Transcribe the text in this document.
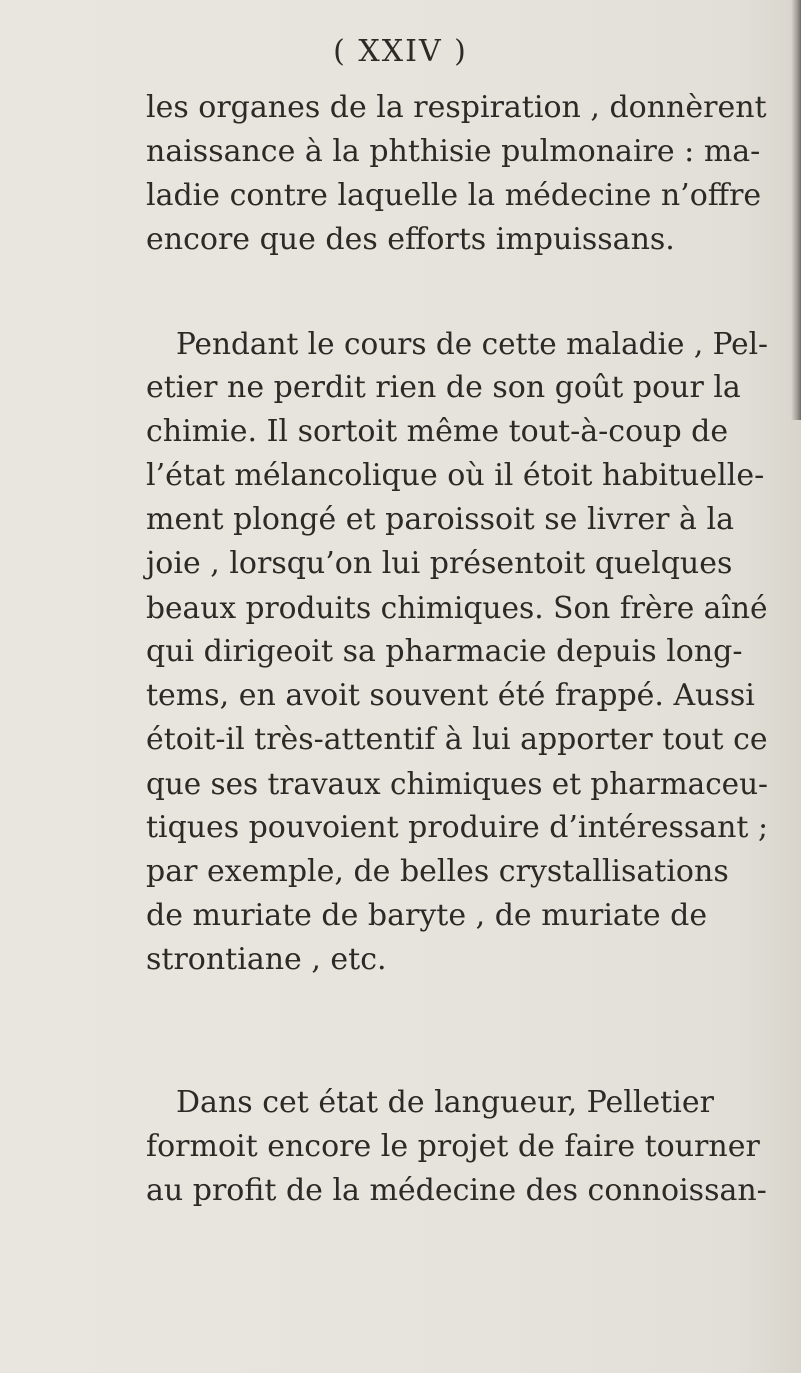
( XXIV )

les organes de la respiration , donnèrent
naissance à la phthisie pulmonaire : ma-
ladie contre laquelle la médecine n’offre
encore que des efforts impuissans.

Pendant le cours de cette maladie , Pel-
etier ne perdit rien de son goût pour la
chimie. Il sortoit même tout-à-coup de
l’état mélancolique où il étoit habituelle-
ment plongé et paroissoit se livrer à la
joie , lorsqu’on lui présentoit quelques
beaux produits chimiques. Son frère aîné
qui dirigeoit sa pharmacie depuis long-
tems, en avoit souvent été frappé. Aussi
étoit-il très-attentif à lui apporter tout ce
que ses travaux chimiques et pharmaceu-
tiques pouvoient produire d’intéressant ;
par exemple, de belles crystallisations
de muriate de baryte , de muriate de
strontiane , etc.

Dans cet état de langueur, Pelletier
formoit encore le projet de faire tourner
au profit de la médecine des connoissan-
